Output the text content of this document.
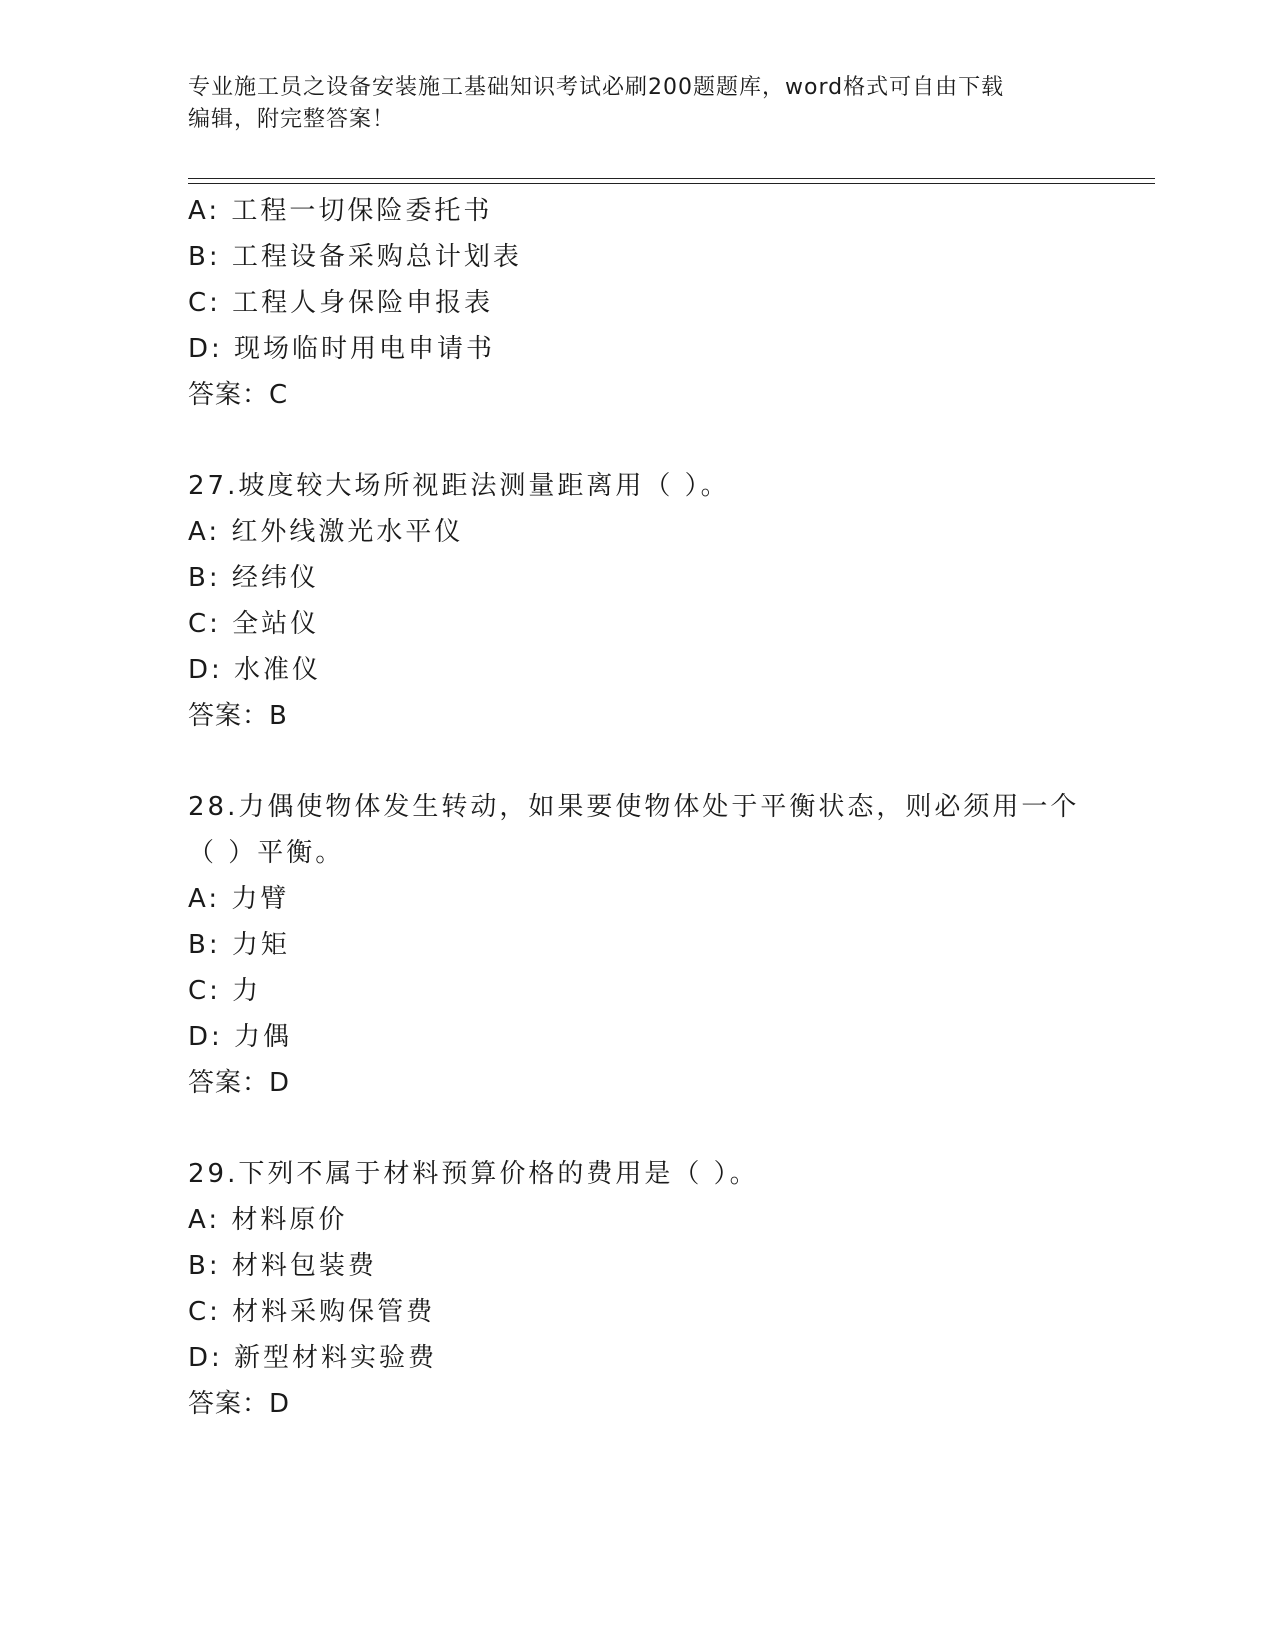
专业施工员之设备安装施工基础知识考试必刷200题题库，word格式可自由下载
编辑，附完整答案！
A: 工程一切保险委托书
B: 工程设备采购总计划表
C: 工程人身保险申报表
D: 现场临时用电申请书
答案：C
27.坡度较大场所视距法测量距离用（ ）。
A: 红外线激光水平仪
B: 经纬仪
C: 全站仪
D: 水准仪
答案：B
28.力偶使物体发生转动，如果要使物体处于平衡状态，则必须用一个
（ ）平衡。
A: 力臂
B: 力矩
C: 力
D: 力偶
答案：D
29.下列不属于材料预算价格的费用是（ ）。
A: 材料原价
B: 材料包装费
C: 材料采购保管费
D: 新型材料实验费
答案：D
